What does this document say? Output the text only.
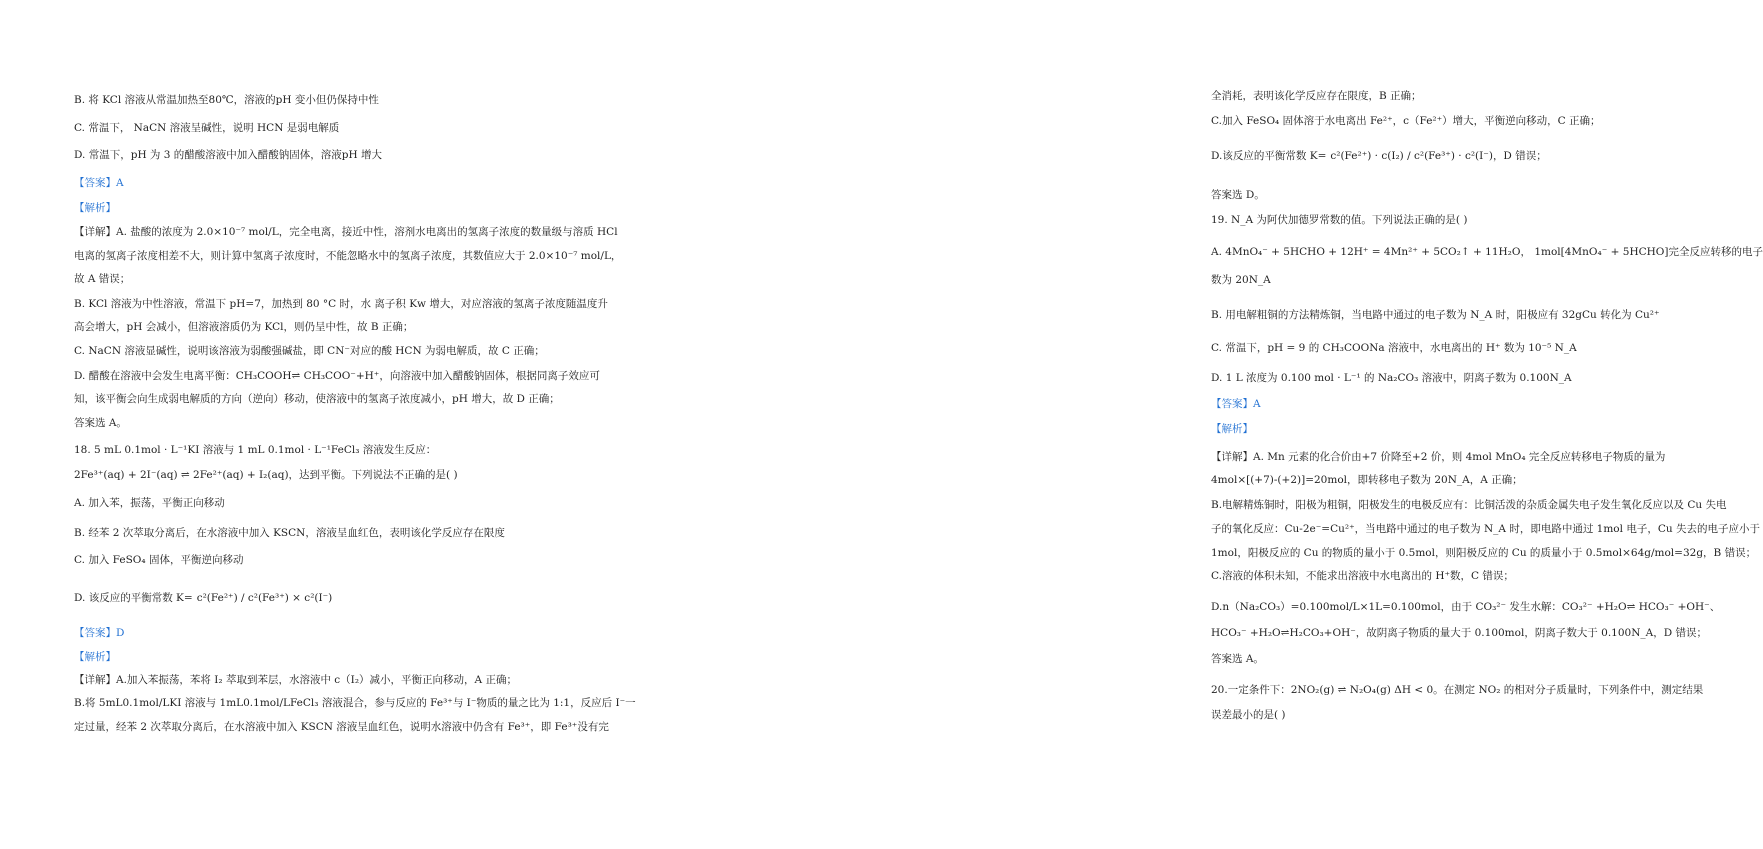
B. 将 KCl 溶液从常温加热至80℃，溶液的pH 变小但仍保持中性
C. 常温下， NaCN 溶液呈碱性，说明 HCN 是弱电解质
D. 常温下，pH 为 3 的醋酸溶液中加入醋酸钠固体，溶液pH 增大
【答案】A
【解析】
【详解】A. 盐酸的浓度为 2.0×10⁻⁷ mol/L，完全电离，接近中性，溶剂水电离出的氢离子浓度的数量级与溶质 HCl
电离的氢离子浓度相差不大，则计算中氢离子浓度时，不能忽略水中的氢离子浓度，其数值应大于 2.0×10⁻⁷ mol/L，
故 A 错误；
B. KCl 溶液为中性溶液，常温下 pH=7，加热到 80 °C 时，水 离子积 Kw 增大，对应溶液的氢离子浓度随温度升
高会增大，pH 会减小，但溶液溶质仍为 KCl，则仍呈中性，故 B 正确；
C. NaCN 溶液显碱性，说明该溶液为弱酸强碱盐，即 CN⁻对应的酸 HCN 为弱电解质，故 C 正确；
D. 醋酸在溶液中会发生电离平衡：CH₃COOH⇌ CH₃COO⁻+H⁺，向溶液中加入醋酸钠固体，根据同离子效应可
知，该平衡会向生成弱电解质的方向（逆向）移动，使溶液中的氢离子浓度减小，pH 增大，故 D 正确；
答案选 A。
18. 5 mL 0.1mol · L⁻¹KI 溶液与 1 mL 0.1mol · L⁻¹FeCl₃ 溶液发生反应：
2Fe³⁺(aq) + 2I⁻(aq) ⇌ 2Fe²⁺(aq) + I₂(aq)，达到平衡。下列说法不正确的是( )
A. 加入苯，振荡，平衡正向移动
B. 经苯 2 次萃取分离后，在水溶液中加入 KSCN，溶液呈血红色，表明该化学反应存在限度
C. 加入 FeSO₄ 固体，平衡逆向移动
D. 该反应的平衡常数 K= c²(Fe²⁺) / c²(Fe³⁺) × c²(I⁻)
【答案】D
【解析】
【详解】A.加入苯振荡，苯将 I₂ 萃取到苯层，水溶液中 c（I₂）减小，平衡正向移动，A 正确；
B.将 5mL0.1mol/LKI 溶液与 1mL0.1mol/LFeCl₃ 溶液混合，参与反应的 Fe³⁺与 I⁻物质的量之比为 1:1，反应后 I⁻一
定过量，经苯 2 次萃取分离后，在水溶液中加入 KSCN 溶液呈血红色，说明水溶液中仍含有 Fe³⁺，即 Fe³⁺没有完
全消耗，表明该化学反应存在限度，B 正确；
C.加入 FeSO₄ 固体溶于水电离出 Fe²⁺，c（Fe²⁺）增大，平衡逆向移动，C 正确；
D.该反应的平衡常数 K= c²(Fe²⁺) · c(I₂) / c²(Fe³⁺) · c²(I⁻)，D 错误；
答案选 D。
19. N_A 为阿伏加德罗常数的值。下列说法正确的是( )
A. 4MnO₄⁻ + 5HCHO + 12H⁺ = 4Mn²⁺ + 5CO₂↑ + 11H₂O， 1mol[4MnO₄⁻ + 5HCHO]完全反应转移的电子
数为 20N_A
B. 用电解粗铜的方法精炼铜，当电路中通过的电子数为 N_A 时，阳极应有 32gCu 转化为 Cu²⁺
C. 常温下，pH = 9 的 CH₃COONa 溶液中，水电离出的 H⁺ 数为 10⁻⁵ N_A
D. 1 L 浓度为 0.100 mol · L⁻¹ 的 Na₂CO₃ 溶液中，阴离子数为 0.100N_A
【答案】A
【解析】
【详解】A. Mn 元素的化合价由+7 价降至+2 价，则 4mol MnO₄ 完全反应转移电子物质的量为
4mol×[(+7)-(+2)]=20mol，即转移电子数为 20N_A，A 正确；
B.电解精炼铜时，阳极为粗铜，阳极发生的电极反应有：比铜活泼的杂质金属失电子发生氧化反应以及 Cu 失电
子的氧化反应：Cu-2e⁻=Cu²⁺，当电路中通过的电子数为 N_A 时，即电路中通过 1mol 电子，Cu 失去的电子应小于
1mol，阳极反应的 Cu 的物质的量小于 0.5mol，则阳极反应的 Cu 的质量小于 0.5mol×64g/mol=32g，B 错误；
C.溶液的体积未知，不能求出溶液中水电离出的 H⁺数，C 错误；
D.n（Na₂CO₃）=0.100mol/L×1L=0.100mol，由于 CO₃²⁻ 发生水解：CO₃²⁻ +H₂O⇌ HCO₃⁻ +OH⁻、
HCO₃⁻ +H₂O⇌H₂CO₃+OH⁻，故阴离子物质的量大于 0.100mol，阴离子数大于 0.100N_A，D 错误；
答案选 A。
20.一定条件下：2NO₂(g) ⇌ N₂O₄(g) ΔH < 0。在测定 NO₂ 的相对分子质量时，下列条件中，测定结果
误差最小的是( )
